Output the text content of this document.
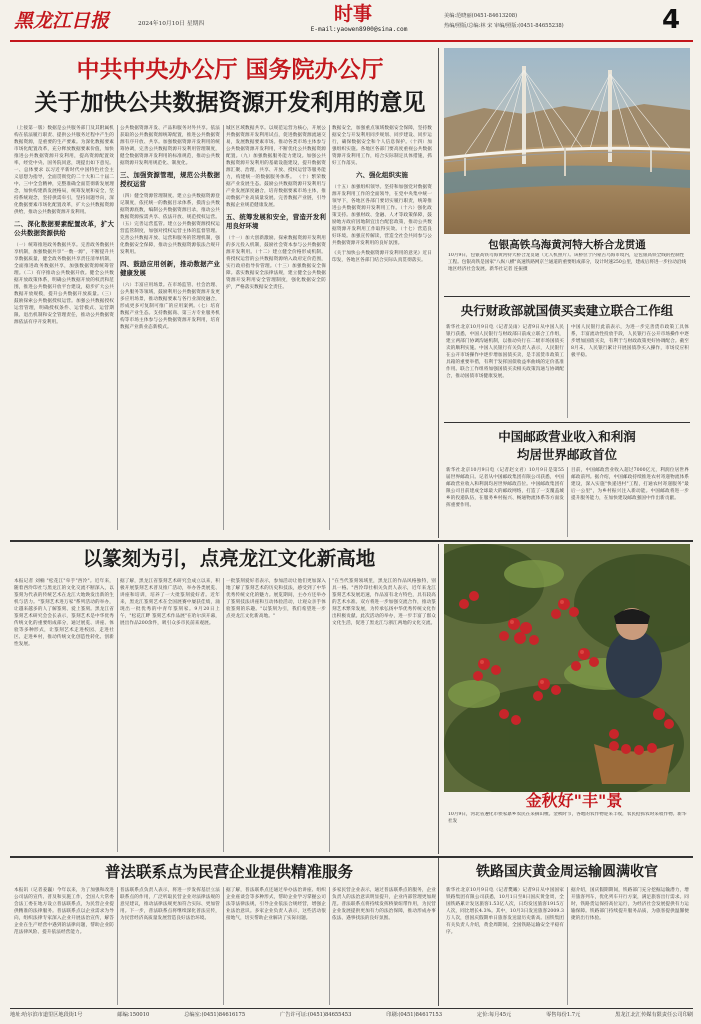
黑龙江日报	2024年10月10日 星期四	时事
E-mail:yaowen8900@sina.com
美编:范晓丽(0451-84613208)
热编/照版/总编:林 宋 审编/照版:(0451-84655238)	4
中共中央办公厅 国务院办公厅
关于加快公共数据资源开发利用的意见
（上接第一版）数据是公共服务部门及其附属机构在依法履行职责、提供公共服务过程中产生的数据资源，是重要的生产要素。为深化数据要素市场化配置改革，充分释放数据要素价值，加快推进公共数据资源开发利用，提高资源配置效率，经党中央、国务院同意，现提出如下意见。一、总体要求 以习近平新时代中国特色社会主义思想为指导，全面贯彻党的二十大和二十届二中、三中全会精神，完整准确全面贯彻新发展理念，加快构建新发展格局，统筹发展和安全，坚持系统观念，坚持供需牵引，坚持问题导向，深化数据要素市场化配置改革，扩大公共数据资源供给，推动公共数据资源开发利用。
二、深化数据要素配置改革，扩大公共数据资源供给
（一）统筹推进政务数据共享。完善政务数据共享机制，加强数据共享“一数一源”，不断提升共享数据质量，健全政务数据共享责任清单机制，全面推进政务数据共享，加强数据资源统筹管理。（二）有序推动公共数据开放。健全公共数据开放政策体系，明确公共数据开放的权责和范围，推进公共数据开放平台建设，稳步扩大公共数据开放规模，提升公共数据开放质量。（三）鼓励探索公共数据授权运营。加强公共数据授权运营管理，明确授权条件、运营模式、运营期限、退出机制和安全管理责任，推动公共数据资源依法有序开发利用。
公共数据资源开发、产品和服务对外共享。依法获取的公共数据资源统筹配置，推进公共数据资源有序开放、共享。加强数据资源开发利用的统筹协调，完善公共数据资源开发利用管理制度，健全数据资源开发利用的标准规范，推动公共数据资源开发利用规范化、制度化。
三、加强资源管理，规范公共数据授权运营
（四）健全资源管理制度。建立公共数据资源登记制度，依托统一的数据目录体系，摸清公共数据资源底数，编制公共数据资源目录，推动公共数据资源按需共享、依法开放、规范授权运营。（五）完善运营监管。建立公共数据资源授权运营监管制度，加强对授权运营主体的监督管理。完善公共数据开放、运营和服务的管理机制，强化数据安全保障，推动公共数据资源依法合规开发利用。
四、鼓励应用创新，推动数据产业健康发展
（六）丰富应用场景。在市场监管、社会治理、公共服务等领域，鼓励利用公共数据资源开发更多应用场景，推动数据要素与各行业深度融合，形成更多可复制可推广的应用案例。（七）培育数据产业生态。支持数据商、第三方专业服务机构等市场主体参与公共数据资源开发利用，培育数据产业新业态新模式。
城区区域数据共享。以规范运营为核心，开展公共数据资源开发利用试点，促进数据资源流通交易，发展数据要素市场。推动各类市场主体参与公共数据资源开发利用，不断优化公共数据资源配置。（九）加强数据服务能力建设。加强公共数据资源开发利用的基础设施建设，提升数据资源汇聚、治理、共享、开放、授权运营等服务能力，构建统一的数据服务体系。 （十）繁荣数据产业发展生态。鼓励公共数据资源开发利用与产业发展深度融合，培育数据要素市场主体，推动数据产业高质量发展。完善数据产业链，引导数据企业规范健康发展。
五、统筹发展和安全，营造开发利用良好环境
（十一）加大创新激励。探索数据资源开发利用的多元投入机制，鼓励社会资本参与公共数据资源开发利用。（十二）建立健全价格形成机制。将授权运营的公共数据资源纳入政府定价范围，实行政府指导价管理。（十三）加强数据安全保障。落实数据安全法律法规，建立健全公共数据资源开发利用安全管理制度，强化数据安全防护，严格落实数据安全责任。
数据安全，加强重点领域数据安全保障，坚持数据安全与开发利用同步规划、同步建设、同步运行，确保数据安全和个人信息保护。（十四）加强组织实施。各地区各部门要高度重视公共数据资源开发利用工作，结合实际制定具体措施，抓好工作落实。
六、强化组织实施
（十五）加强组织领导。坚持和加强党对数据资源开发利用工作的全面领导，在党中央集中统一领导下，各地区各部门要切实履行职责，统筹推进公共数据资源开发利用工作。（十六）强化政策支持。加强财政、金融、人才等政策保障，鼓励地方政府因地制宜出台配套政策，推动公共数据资源开发利用工作取得实效。（十七）营造良好环境。加强宣传解读，营造全社会共同参与公共数据资源开发利用的良好氛围。
《关于加快公共数据资源开发利用的意见》近日印发，各地区各部门结合实际认真贯彻落实。
包银高铁乌海黄河特大桥合龙贯通
10月9日，包银高铁乌海黄河特大桥合龙贯通（无人机照片）。该桥位于内蒙古乌海市境内，是包银高铁全线的控制性工程。包银高铁是国家"八纵八横"高速铁路网京兰通道的重要组成部分，设计时速250公里，建成后将进一步拉动沿线地区经济社会发展。新华社记者 连振摄
央行财政部就国债买卖建立联合工作组
新华社北京10月9日电（记者吴雨）记者9日从中国人民银行获悉，中国人民银行与财政部日前成立联合工作组，建立两部门协调沟通机制，以推动央行在二级市场国债买卖的顺利实施。中国人民银行有关负责人表示，人民银行在公开市场操作中逐步增加国债买卖，是丰富货币政策工具箱的重要举措，有利于发挥国债收益率曲线的定价基准作用。联合工作组将加强国债买卖相关政策沟通与协调配合，推动国债市场健康发展。
中国人民银行此前表示，为进一步完善货币政策工具体系，丰富流动性投放手段，人民银行在公开市场操作中逐步增加国债买卖，有利于与财政政策更好协调配合。截至8月末，人民银行累计开展国债净买入操作，市场反应积极平稳。
中国邮政营业收入和利润
均居世界邮政首位
新华社北京10月9日电（记者赵文君）10月9日是第55届世界邮政日。记者从中国邮政集团有限公司获悉，中国邮政营业收入和利润均居世界邮政首位。中国邮政集团有限公司目前建成全球最大的邮政网络，打造了一支覆盖城乡的投递队伍，在服务乡村振兴、畅通物流体系等方面发挥重要作用。
目前，中国邮政营业收入超过7000亿元，利润位居世界邮政前列。据介绍，中国邮政持续推进农村寄递物流体系建设，深入实施"快递进村"工程，打通农村寄递服务"最后一公里"，为乡村振兴注入新动能。中国邮政将进一步提升服务能力，在加快建设邮政强国中作出新贡献。
以篆刻为引，点亮龙江文化新高地
本报记者 刘楠 "松花江"牵手"西泠"。近年来，随着西泠印社与黑龙江的文化交流不断深入，以篆刻为代表的传统艺术在龙江大地焕发出新的生机与活力。"篆刻艺术进万家"系列活动的举办，让越来越多的人了解篆刻、爱上篆刻。黑龙江省篆刻艺术研究会会长表示，篆刻艺术是中华优秀传统文化的重要组成部分，通过展览、讲座、体验等多种形式，让篆刻艺术走进校园、走进社区、走进乡村，推动传统文化创造性转化、创新性发展。
据了解，黑龙江省篆刻艺术研究会成立以来，积极开展篆刻艺术普及推广活动，举办各类展览、讲座和培训，培养了一大批篆刻爱好者。近年来，黑龙江篆刻艺术在全国展赛中屡获佳绩，涌现出一批优秀的中青年篆刻家。9月20日上午，"松花江畔 篆刻艺术作品展"在哈尔滨开幕，展出作品200余件，吸引众多市民前来观展。
一批篆刻爱好者表示，参加活动让他们更加深入地了解了篆刻艺术的历史和技法，感受到了中华优秀传统文化的魅力。展览期间，主办方还举办了篆刻技法讲座和互动体验活动，让观众亲手体验篆刻的乐趣。"以篆刻为引，我们希望进一步点亮龙江文化新高地。"
"在当代篆刻领域里，黑龙江的作品风格独特，别具一格。"西泠印社相关负责人表示，近年来龙江篆刻艺术发展迅速，作品富有北方特色，具有较高的艺术水准。双方将进一步加强交流合作，推动篆刻艺术繁荣发展，为传承弘扬中华优秀传统文化作出积极贡献。此次活动的举办，进一步丰富了群众文化生活，促进了黑龙江与浙江两地的文化交流。
金秋好"丰"景
10月9日，河北省遵化市侯家寨乡农民在采摘山楂。金秋时节，各地的农作物迎来丰收，农民抢抓农时采收作物。新华社发
普法联系点为民营企业提供精准服务
本报讯（记者姜巍）今年以来，为了加强和改进公司法的宣传、普及和实施工作，全国人大常委会法工委在地方设立普法联系点，为民营企业提供精准的法律服务。普法联系点以企业需求为导向，组织法律专家深入企业开展法治宣传，解答企业在生产经营中遇到的法律问题，帮助企业防范法律风险、提升依法经营能力。
普法联系点负责人表示，将进一步发挥基层立法联系点的作用，广泛听取民营企业对法律法规的意见建议，推动法律法规更加符合实际、更加管用。下一步，普法联系点将继续深化普法宣传，为民营经济高质量发展营造良好法治环境。
据了解，普法联系点还通过举办法治讲座、组织企业座谈会等多种形式，帮助企业学习掌握公司法等法律法规，引导企业依法合规经营，增强企业法治意识。多家企业负责人表示，这些活动很接地气，切实帮助企业解决了实际问题。
多家民营企业表示，通过普法联系点的服务，企业负责人的法治意识明显提升，企业内部管理更加规范。普法联系点将持续发挥桥梁纽带作用，为民营企业发展提供更加有力的法治保障，推动形成办事依法、遇事找法的良好氛围。
铁路国庆黄金周运输圆满收官
新华社北京10月9日电（记者樊曦）记者9日从中国国家铁路集团有限公司获悉，10月1日至8日国庆黄金周，全国铁路累计发送旅客1.53亿人次，日均发送旅客1915万人次，同比增长4.3%。其中，10月3日发送旅客2009.3万人次，创国庆假期单日旅客发送量历史新高。国铁集团有关负责人介绍，黄金周期间，全国铁路运输安全平稳有序。
据介绍，国庆假期期间，铁路部门充分挖掘运输潜力，增开旅客列车，优化列车开行方案，满足旅客出行需求。同时，铁路货运保持高位运行，为经济社会发展提供有力运输保障。铁路部门持续提升服务品质，为旅客提供温馨便捷的出行体验。
地址:哈尔滨市道里区地段街1号	邮编:150010	总编室:(0451)84616175	广告许可证:(0451)84655453	印刷:(0451)84617153	定价:每月45元	零售每份1.7元	黑龙江北汇传媒有限责任公司印刷
